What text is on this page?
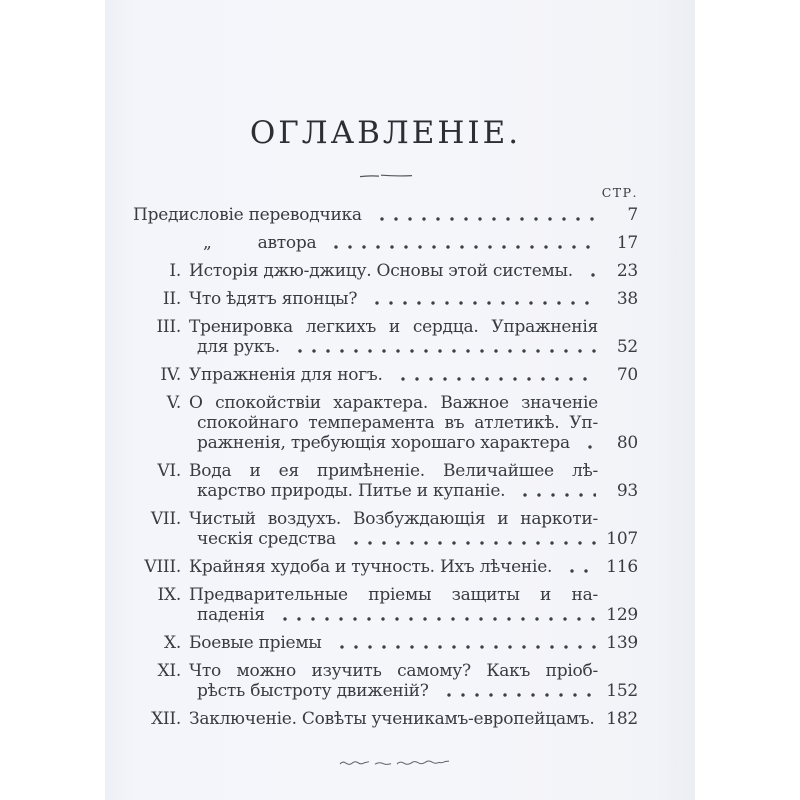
ОГЛАВЛЕНІЕ.
СТР.
Предисловіе переводчика	7
„	автора	17
I. Исторія джю-джицу. Основы этой системы.	23
II. Что ѣдятъ японцы?	38
III. Тренировка легкихъ и сердца. Упражненія
для рукъ.	52
IV. Упражненія для ногъ.	70
V. О спокойствіи характера. Важное значеніе
спокойнаго темперамента въ атлетикѣ. Уп-
ражненія, требующія хорошаго характера	80
VI. Вода и ея примѣненіе. Величайшее лѣ-
карство природы. Питье и купаніе.	93
VII. Чистый воздухъ. Возбуждающія и наркоти-
ческія средства	107
VIII. Крайняя худоба и тучность. Ихъ лѣченіе.	116
IX. Предварительные пріемы защиты и на-
паденія	129
X. Боевые пріемы	139
XI. Что можно изучить самому? Какъ пріоб-
рѣсть быстроту движеній?	152
XII. Заключеніе. Совѣты ученикамъ-европейцамъ. 182
